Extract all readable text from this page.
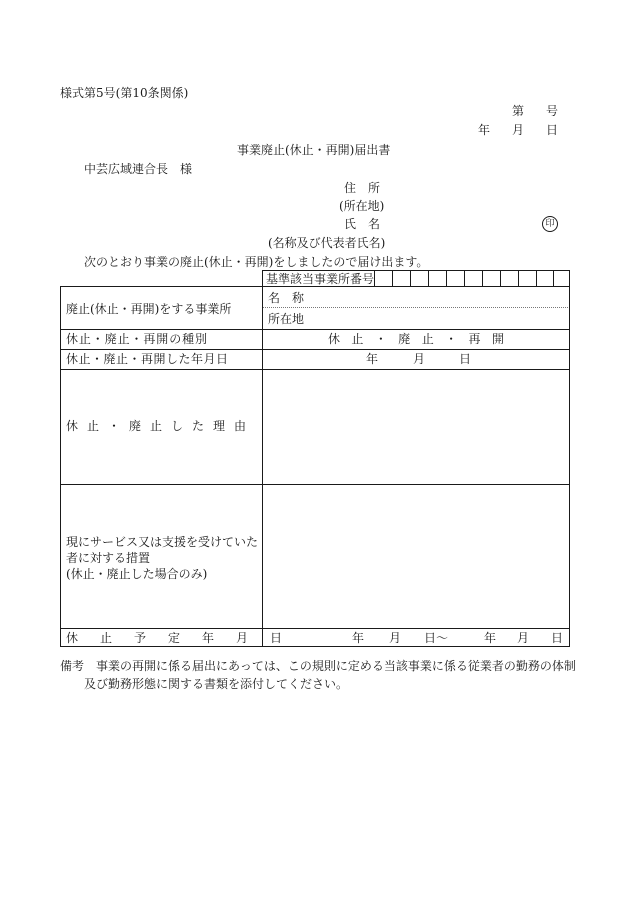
様式第5号(第10条関係)
第 号
年 月 日
事業廃止(休止・再開)届出書
中芸広域連合長　様
住　所
(所在地)
氏　名	印
(名称及び代表者氏名)
次のとおり事業の廃止(休止・再開)をしましたので届け出ます。
基準該当事業所番号
廃止(休止・再開)をする事業所
名　称
所在地
休止・廃止・再開の種別	休 止 ・ 廃 止 ・ 再 開
休止・廃止・再開した年月日	年	月	日
休止・廃止した理由
現にサービス又は支援を受けていた
者に対する措置
(休止・廃止した場合のみ)
休止予定年月日	年 月 日～	年 月 日
備考 事業の再開に係る届出にあっては、この規則に定める当該事業に係る従業者の勤務の体制
及び勤務形態に関する書類を添付してください。
